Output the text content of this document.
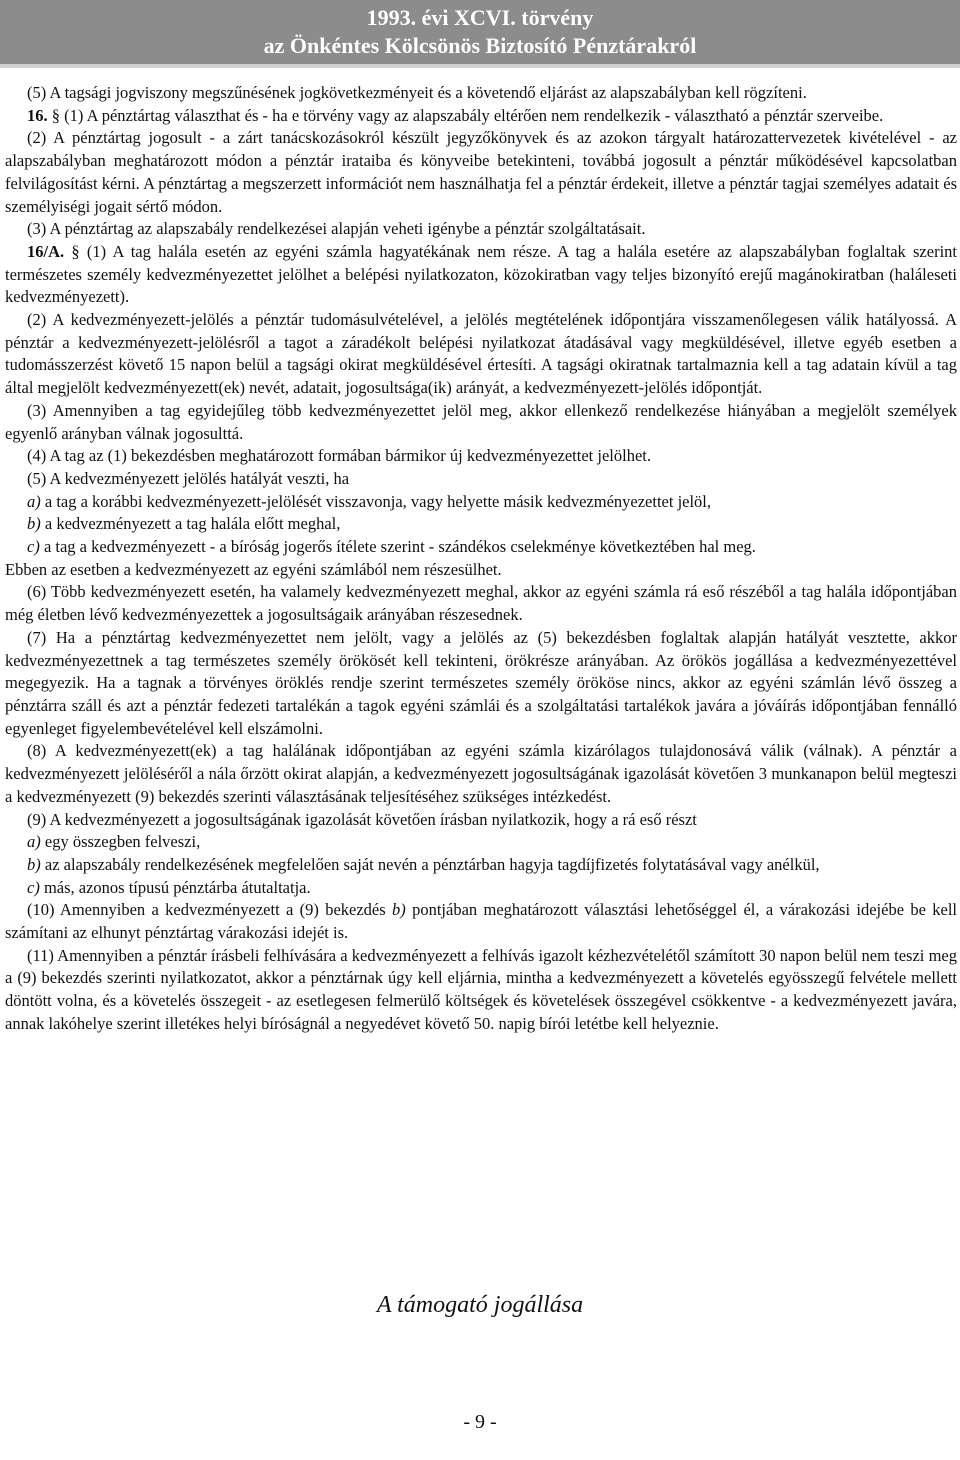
1993. évi XCVI. törvény
az Önkéntes Kölcsönös Biztosító Pénztárakról

(5) A tagsági jogviszony megszűnésének jogkövetkezményeit és a követendő eljárást az alapszabályban kell rögzíteni.

16. § (1) A pénztártag választhat és - ha e törvény vagy az alapszabály eltérően nem rendelkezik - választható a pénztár szerveibe.

(2) A pénztártag jogosult - a zárt tanácskozásokról készült jegyzőkönyvek és az azokon tárgyalt határozattervezetek kivételével - az alapszabályban meghatározott módon a pénztár irataiba és könyveibe betekinteni, továbbá jogosult a pénztár működésével kapcsolatban felvilágosítást kérni. A pénztártag a megszerzett információt nem használhatja fel a pénztár érdekeit, illetve a pénztár tagjai személyes adatait és személyiségi jogait sértő módon.

(3) A pénztártag az alapszabály rendelkezései alapján veheti igénybe a pénztár szolgáltatásait.

16/A. § (1) A tag halála esetén az egyéni számla hagyatékának nem része. A tag a halála esetére az alapszabályban foglaltak szerint természetes személy kedvezményezettet jelölhet a belépési nyilatkozaton, közokiratban vagy teljes bizonyító erejű magánokiratban (haláleseti kedvezményezett).

(2) A kedvezményezett-jelölés a pénztár tudomásulvételével, a jelölés megtételének időpontjára visszamenőlegesen válik hatályossá. A pénztár a kedvezményezett-jelölésről a tagot a záradékolt belépési nyilatkozat átadásával vagy megküldésével, illetve egyéb esetben a tudomásszerzést követő 15 napon belül a tagsági okirat megküldésével értesíti. A tagsági okiratnak tartalmaznia kell a tag adatain kívül a tag által megjelölt kedvezményezett(ek) nevét, adatait, jogosultsága(ik) arányát, a kedvezményezett-jelölés időpontját.

(3) Amennyiben a tag egyidejűleg több kedvezményezettet jelöl meg, akkor ellenkező rendelkezése hiányában a megjelölt személyek egyenlő arányban válnak jogosulttá.

(4) A tag az (1) bekezdésben meghatározott formában bármikor új kedvezményezettet jelölhet.

(5) A kedvezményezett jelölés hatályát veszti, ha

a) a tag a korábbi kedvezményezett-jelölését visszavonja, vagy helyette másik kedvezményezettet jelöl,

b) a kedvezményezett a tag halála előtt meghal,

c) a tag a kedvezményezett - a bíróság jogerős ítélete szerint - szándékos cselekménye következtében hal meg.

Ebben az esetben a kedvezményezett az egyéni számlából nem részesülhet.

(6) Több kedvezményezett esetén, ha valamely kedvezményezett meghal, akkor az egyéni számla rá eső részéből a tag halála időpontjában még életben lévő kedvezményezettek a jogosultságaik arányában részesednek.

(7) Ha a pénztártag kedvezményezettet nem jelölt, vagy a jelölés az (5) bekezdésben foglaltak alapján hatályát vesztette, akkor kedvezményezettnek a tag természetes személy örökösét kell tekinteni, örökrésze arányában. Az örökös jogállása a kedvezményezettével megegyezik. Ha a tagnak a törvényes öröklés rendje szerint természetes személy örököse nincs, akkor az egyéni számlán lévő összeg a pénztárra száll és azt a pénztár fedezeti tartalékán a tagok egyéni számlái és a szolgáltatási tartalékok javára a jóváírás időpontjában fennálló egyenleget figyelembevételével kell elszámolni.

(8) A kedvezményezett(ek) a tag halálának időpontjában az egyéni számla kizárólagos tulajdonosává válik (válnak). A pénztár a kedvezményezett jelöléséről a nála őrzött okirat alapján, a kedvezményezett jogosultságának igazolását követően 3 munkanapon belül megteszi a kedvezményezett (9) bekezdés szerinti választásának teljesítéséhez szükséges intézkedést.

(9) A kedvezményezett a jogosultságának igazolását követően írásban nyilatkozik, hogy a rá eső részt

a) egy összegben felveszi,

b) az alapszabály rendelkezésének megfelelően saját nevén a pénztárban hagyja tagdíjfizetés folytatásával vagy anélkül,

c) más, azonos típusú pénztárba átutaltatja.

(10) Amennyiben a kedvezményezett a (9) bekezdés b) pontjában meghatározott választási lehetőséggel él, a várakozási idejébe be kell számítani az elhunyt pénztártag várakozási idejét is.

(11) Amennyiben a pénztár írásbeli felhívására a kedvezményezett a felhívás igazolt kézhezvételétől számított 30 napon belül nem teszi meg a (9) bekezdés szerinti nyilatkozatot, akkor a pénztárnak úgy kell eljárnia, mintha a kedvezményezett a követelés egyösszegű felvétele mellett döntött volna, és a követelés összegeit - az esetlegesen felmerülő költségek és követelések összegével csökkentve - a kedvezményezett javára, annak lakóhelye szerint illetékes helyi bíróságnál a negyedévet követő 50. napig bírói letétbe kell helyeznie.

A támogató jogállása
- 9 -
